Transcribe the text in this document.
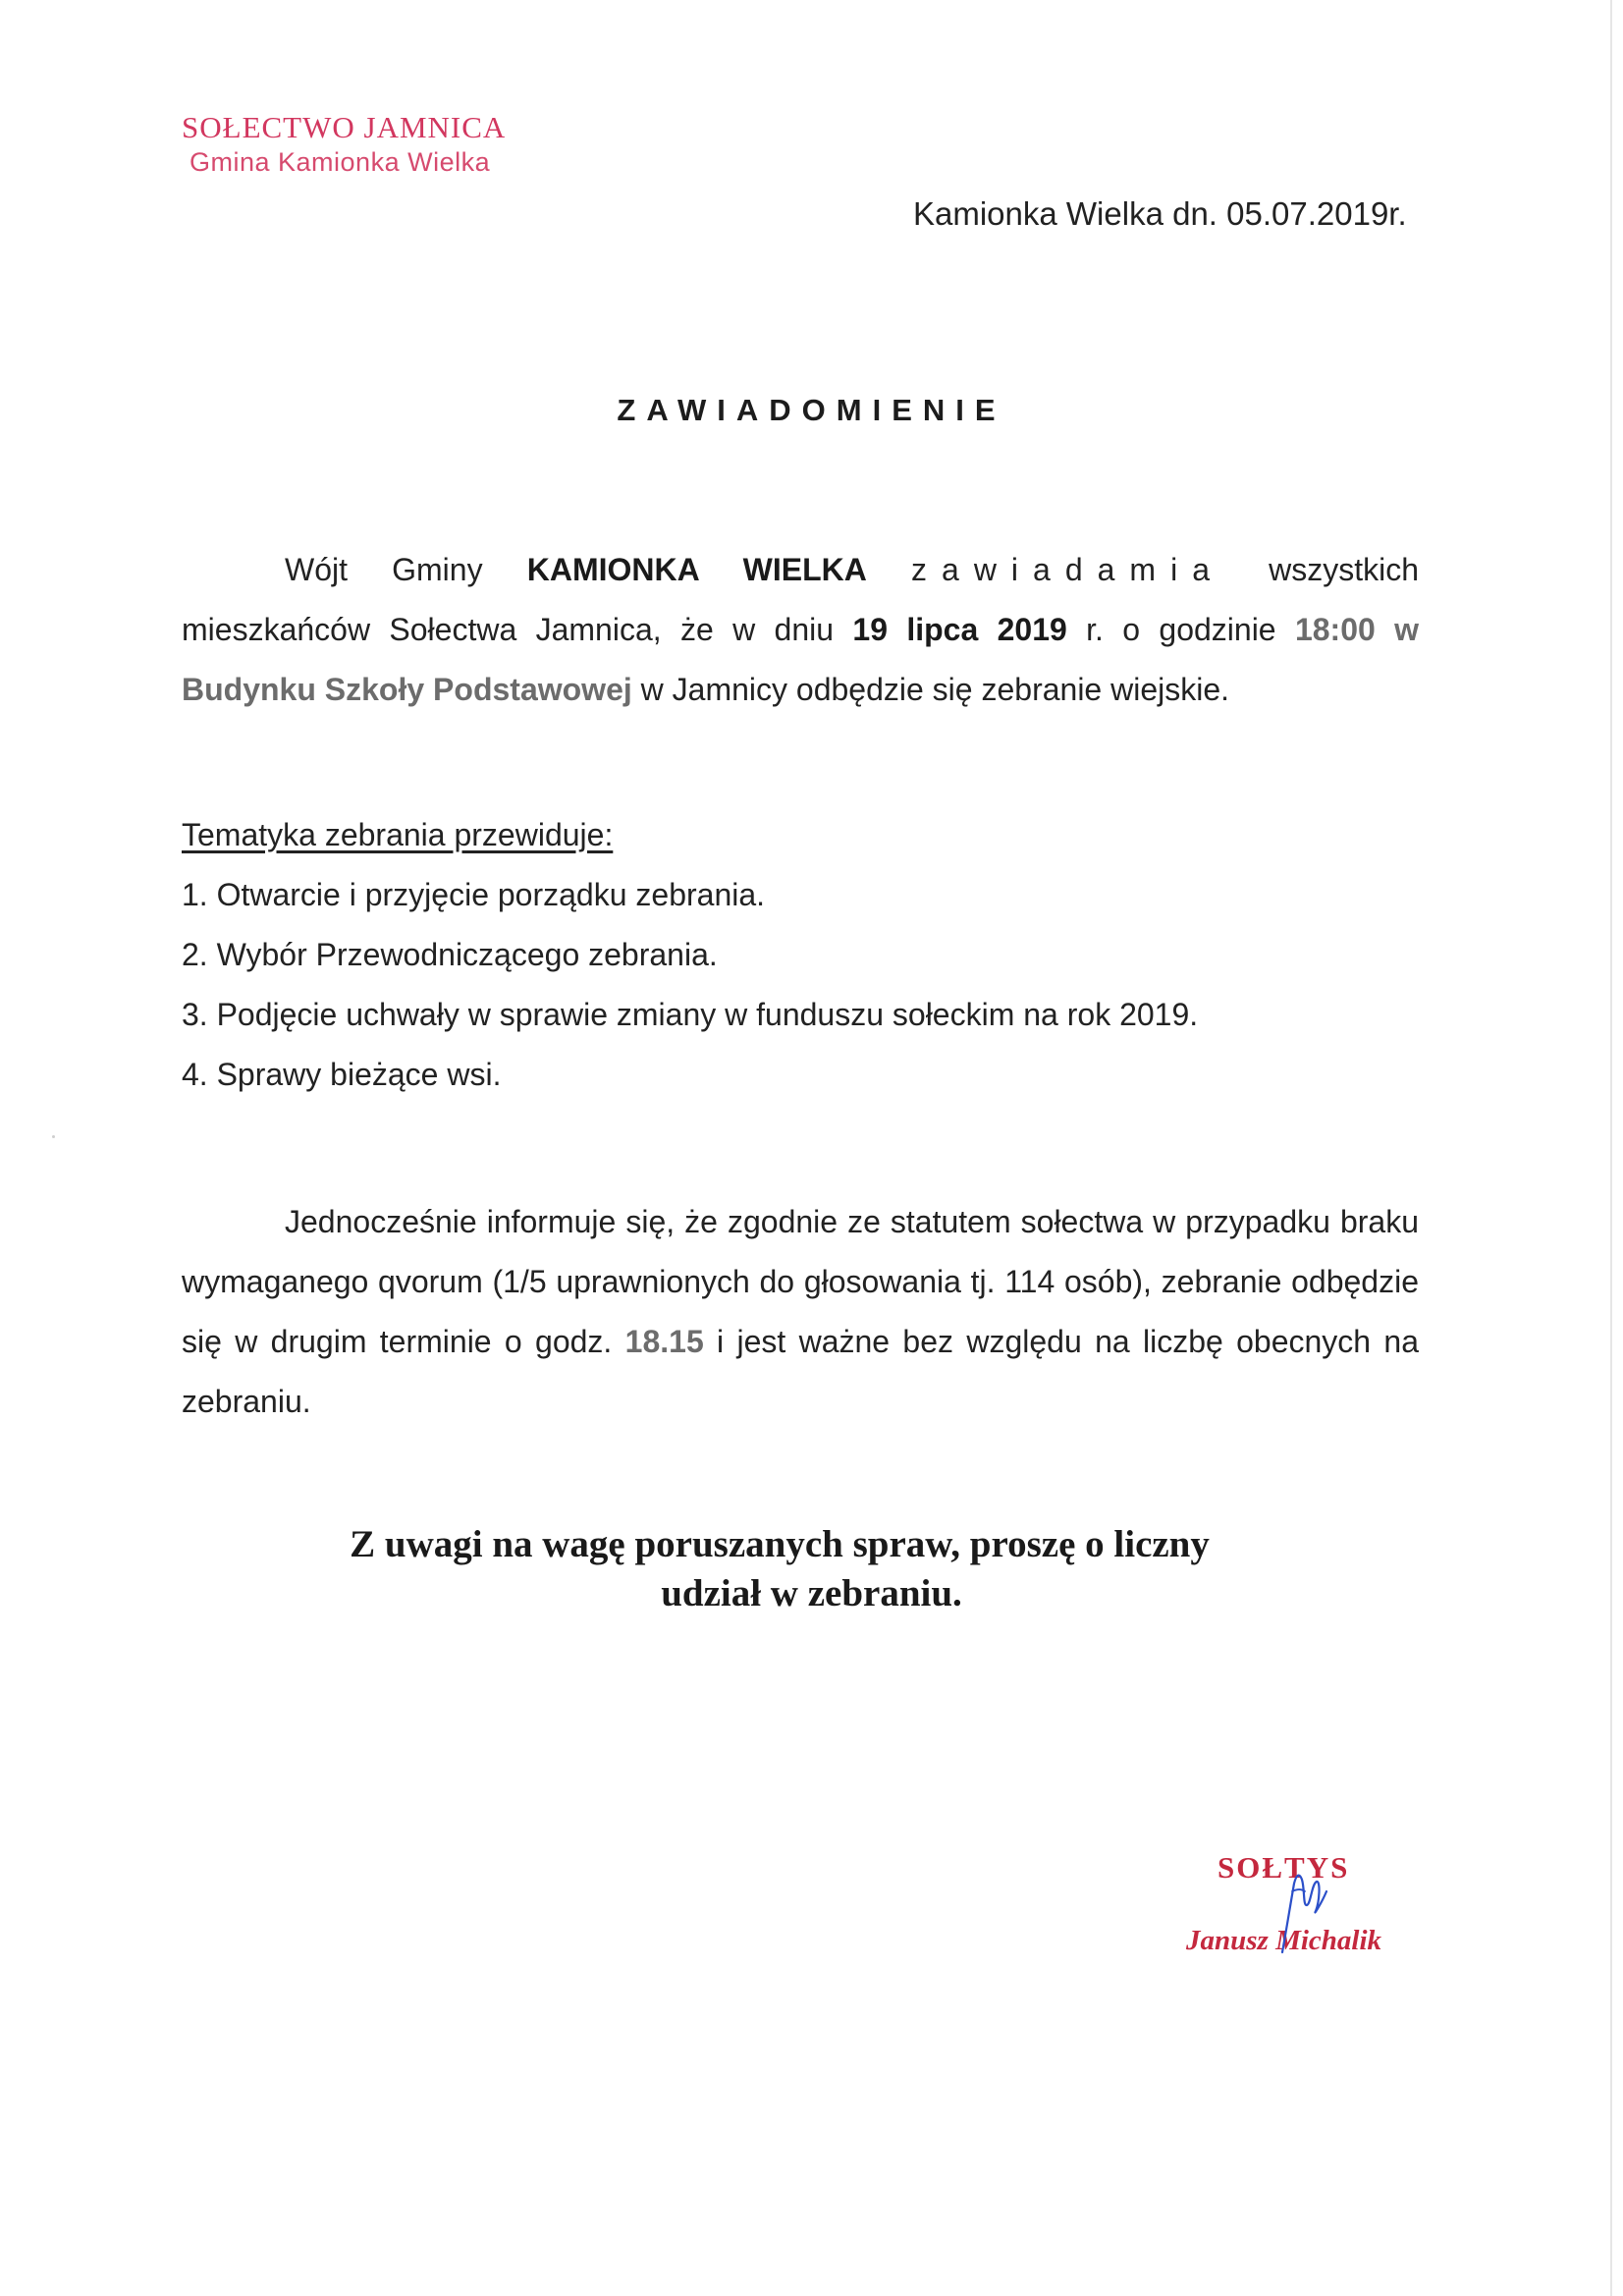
SOŁECTWO JAMNICA
Gmina Kamionka Wielka
Kamionka Wielka dn. 05.07.2019r.
ZAWIADOMIENIE
Wójt Gminy KAMIONKA WIELKA zawiadamia wszystkich mieszkańców Sołectwa Jamnica, że w dniu 19 lipca 2019 r. o godzinie 18:00 w Budynku Szkoły Podstawowej w Jamnicy odbędzie się zebranie wiejskie.
Tematyka zebrania przewiduje:
1. Otwarcie i przyjęcie porządku zebrania.
2. Wybór Przewodniczącego zebrania.
3. Podjęcie uchwały w sprawie zmiany w funduszu sołeckim na rok 2019.
4. Sprawy bieżące wsi.
Jednocześnie informuje się, że zgodnie ze statutem sołectwa w przypadku braku wymaganego qvorum (1/5 uprawnionych do głosowania tj. 114 osób), zebranie odbędzie się w drugim terminie o godz. 18.15 i jest ważne bez względu na liczbę obecnych na zebraniu.
Z uwagi na wagę poruszanych spraw, proszę o liczny
udział w zebraniu.
SOŁTYS
Janusz Michalik
